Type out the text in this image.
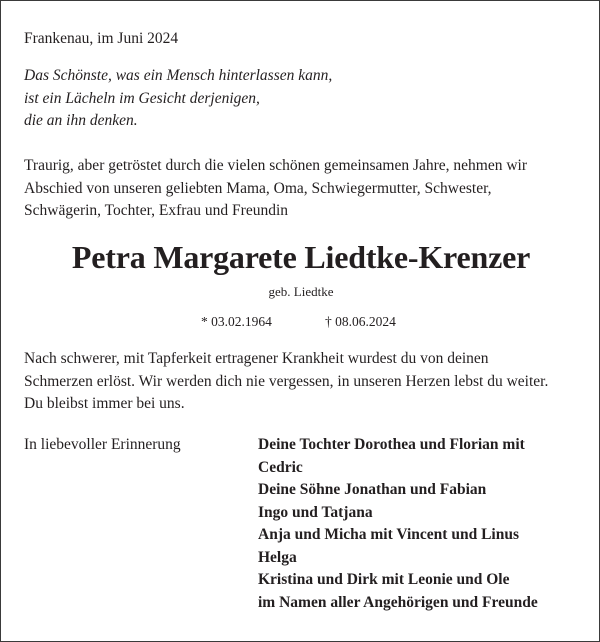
Frankenau, im Juni 2024
Das Schönste, was ein Mensch hinterlassen kann,
ist ein Lächeln im Gesicht derjenigen,
die an ihn denken.
Traurig, aber getröstet durch die vielen schönen gemeinsamen Jahre, nehmen wir
Abschied von unseren geliebten Mama, Oma, Schwiegermutter, Schwester,
Schwägerin, Tochter, Exfrau und Freundin
Petra Margarete Liedtke-Krenzer
geb. Liedtke
* 03.02.1964	† 08.06.2024
Nach schwerer, mit Tapferkeit ertragener Krankheit wurdest du von deinen
Schmerzen erlöst. Wir werden dich nie vergessen, in unseren Herzen lebst du weiter.
Du bleibst immer bei uns.
In liebevoller Erinnerung	Deine Tochter Dorothea und Florian mit
Cedric
Deine Söhne Jonathan und Fabian
Ingo und Tatjana
Anja und Micha mit Vincent und Linus
Helga
Kristina und Dirk mit Leonie und Ole
im Namen aller Angehörigen und Freunde
